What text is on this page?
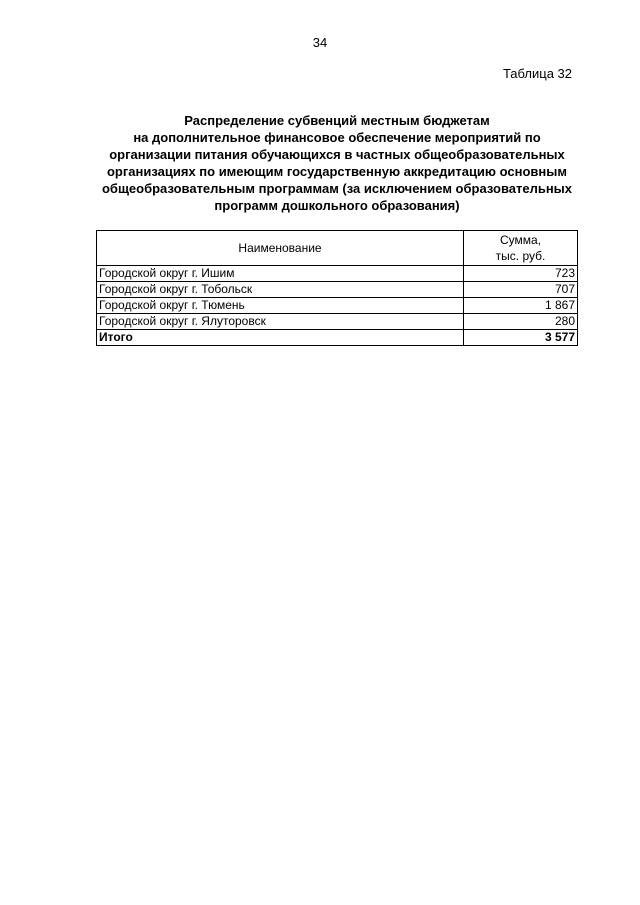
34
Таблица 32
Распределение субвенций местным бюджетам
на дополнительное финансовое обеспечение мероприятий по
организации питания обучающихся в частных общеобразовательных
организациях по имеющим государственную аккредитацию основным
общеобразовательным программам (за исключением образовательных
программ дошкольного образования)
Наименование	Сумма,
тыс. руб.

Городской округ г. Ишим	723
Городской округ г. Тобольск	707
Городской округ г. Тюмень	1 867
Городской округ г. Ялуторовск	280
Итого	3 577
